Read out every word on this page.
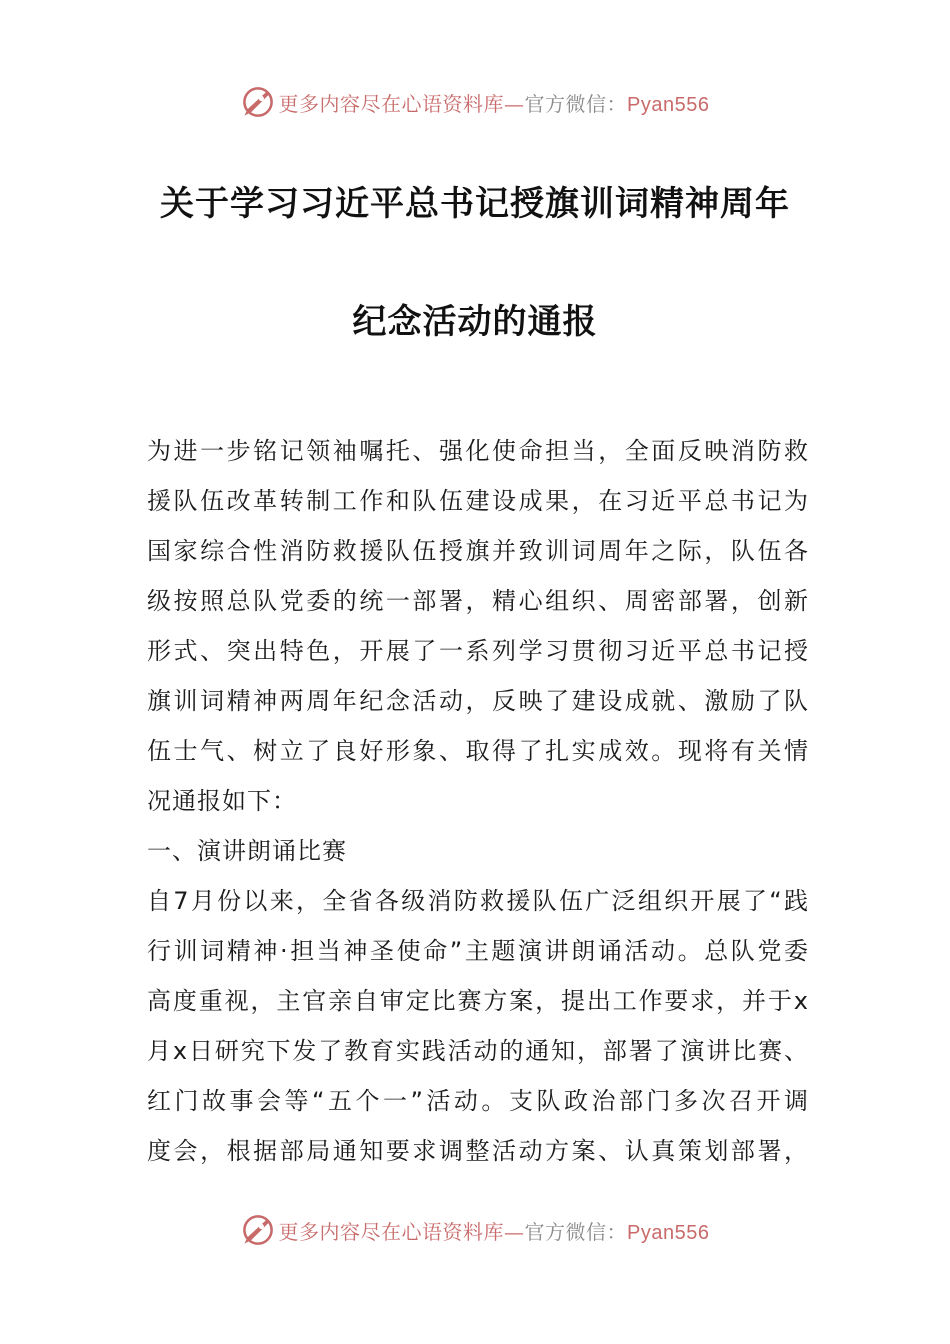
更多内容尽在心语资料库—官方微信：Pyan556
关于学习习近平总书记授旗训词精神周年
纪念活动的通报
为进一步铭记领袖嘱托、强化使命担当，全面反映消防救
援队伍改革转制工作和队伍建设成果，在习近平总书记为
国家综合性消防救援队伍授旗并致训词周年之际，队伍各
级按照总队党委的统一部署，精心组织、周密部署，创新
形式、突出特色，开展了一系列学习贯彻习近平总书记授
旗训词精神两周年纪念活动，反映了建设成就、激励了队
伍士气、树立了良好形象、取得了扎实成效。现将有关情
况通报如下：
一、演讲朗诵比赛
自7月份以来，全省各级消防救援队伍广泛组织开展了“践
行训词精神·担当神圣使命”主题演讲朗诵活动。总队党委
高度重视，主官亲自审定比赛方案，提出工作要求，并于x
月x日研究下发了教育实践活动的通知，部署了演讲比赛、
红门故事会等“五个一”活动。支队政治部门多次召开调
度会，根据部局通知要求调整活动方案、认真策划部署，
更多内容尽在心语资料库—官方微信：Pyan556
